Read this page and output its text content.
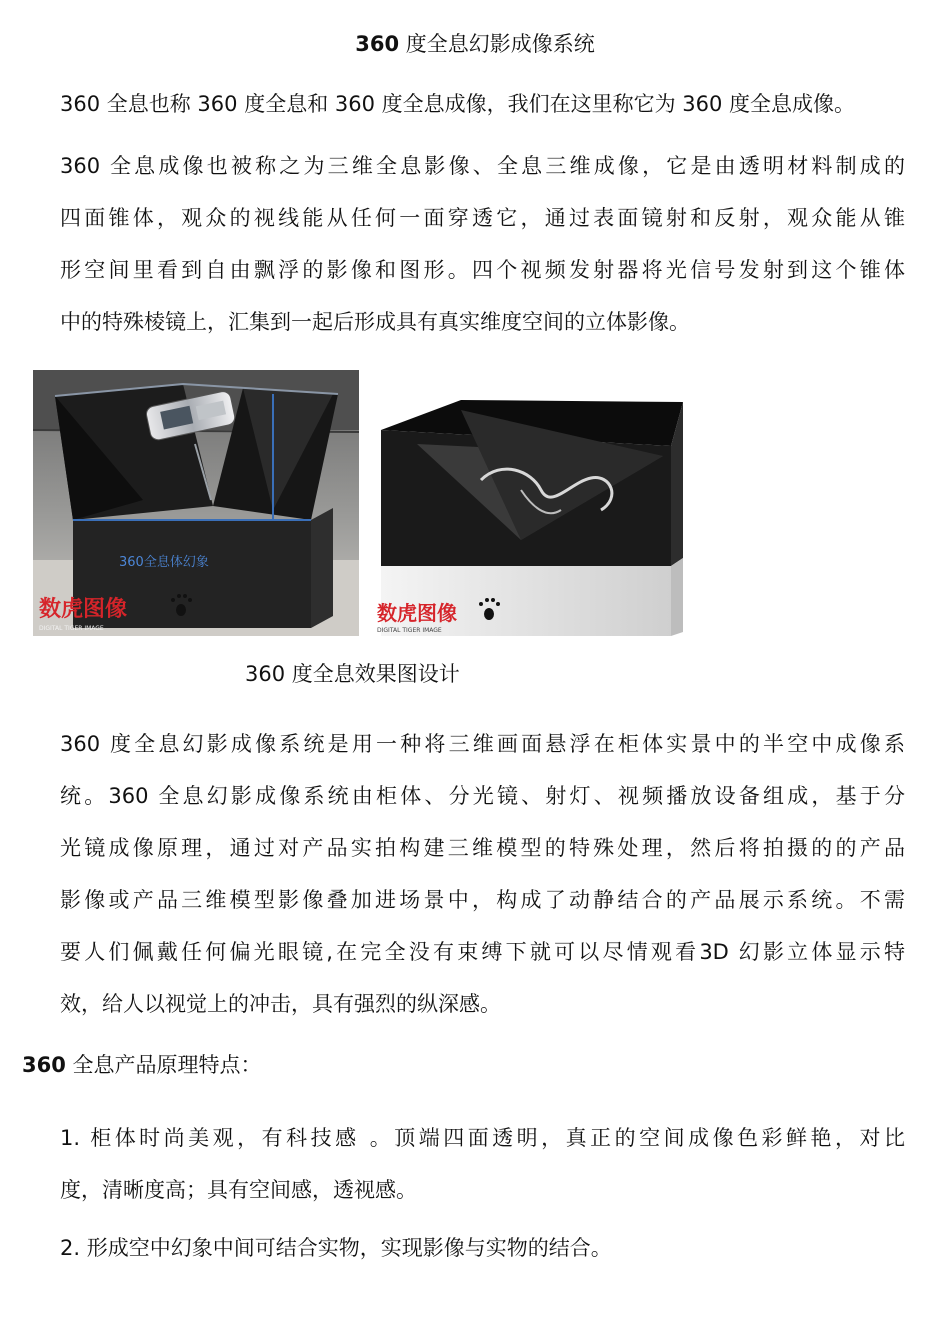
360 度全息幻影成像系统
360 全息也称 360 度全息和 360 度全息成像，我们在这里称它为 360 度全息成像。
360 全息成像也被称之为三维全息影像、全息三维成像，它是由透明材料制成的
四面锥体，观众的视线能从任何一面穿透它，通过表面镜射和反射，观众能从锥
形空间里看到自由飘浮的影像和图形。四个视频发射器将光信号发射到这个锥体
中的特殊棱镜上，汇集到一起后形成具有真实维度空间的立体影像。
360全息体幻象
数虎图像
DIGITAL TIGER IMAGE
数虎图像
DIGITAL TIGER IMAGE
360 度全息效果图设计
360 度全息幻影成像系统是用一种将三维画面悬浮在柜体实景中的半空中成像系
统。360 全息幻影成像系统由柜体、分光镜、射灯、视频播放设备组成，基于分
光镜成像原理，通过对产品实拍构建三维模型的特殊处理，然后将拍摄的的产品
影像或产品三维模型影像叠加进场景中，构成了动静结合的产品展示系统。不需
要人们佩戴任何偏光眼镜,在完全没有束缚下就可以尽情观看3D 幻影立体显示特
效，给人以视觉上的冲击，具有强烈的纵深感。
360 全息产品原理特点：
1. 柜体时尚美观，有科技感 。顶端四面透明，真正的空间成像色彩鲜艳，对比
度，清晰度高；具有空间感，透视感。
2. 形成空中幻象中间可结合实物，实现影像与实物的结合。
